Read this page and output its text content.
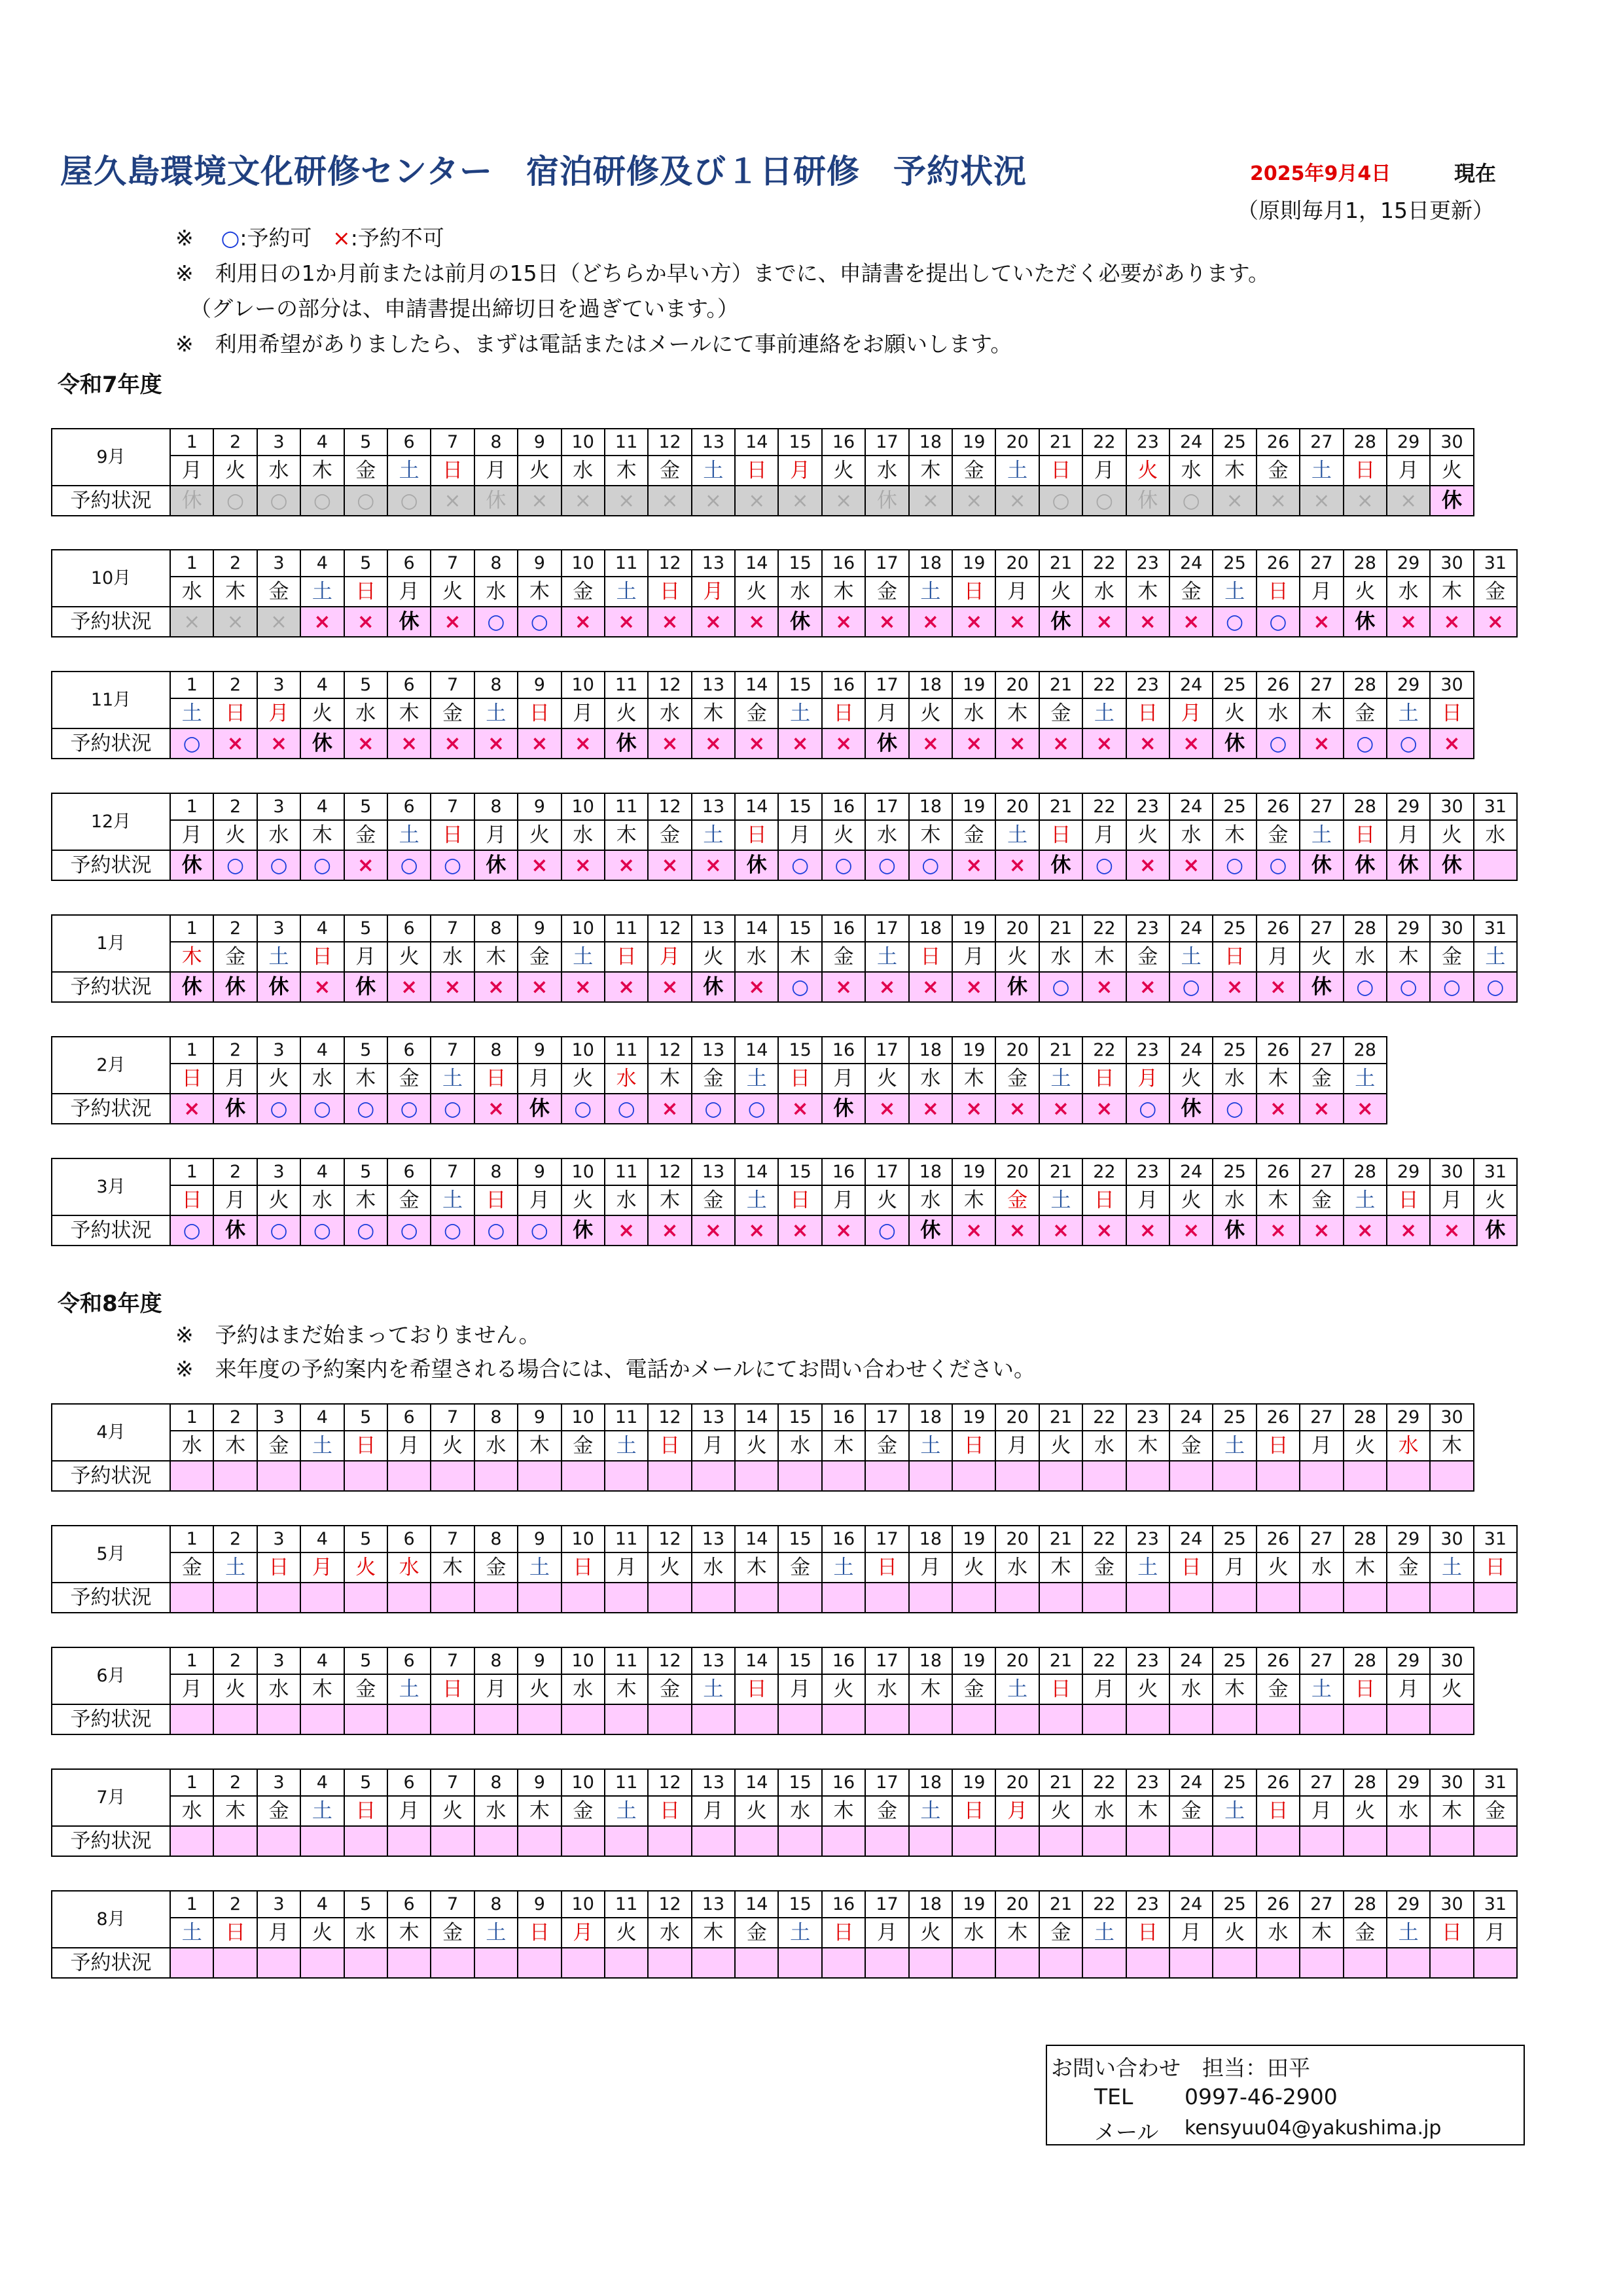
屋久島環境文化研修センター　宿泊研修及び１日研修　予約状況	2025年9月4日	現在
（原則毎月1，15日更新）
※ ○:予約可 ×:予約不可
※　利用日の1か月前または前月の15日（どちらか早い方）までに、申請書を提出していただく必要があります。
（グレーの部分は、申請書提出締切日を過ぎています。）
※　利用希望がありましたら、まずは電話またはメールにて事前連絡をお願いします。
令和7年度
令和8年度
※　予約はまだ始まっておりません。
※　来年度の予約案内を希望される場合には、電話かメールにてお問い合わせください。
9月	1	2	3	4	5	6	7	8	9	10	11	12	13	14	15	16	17	18	19	20	21	22	23	24	25	26	27	28	29	30
	月	火	水	木	金	土	日	月	火	水	木	金	土	日	月	火	水	木	金	土	日	月	火	水	木	金	土	日	月	火
予約状況	休	○	○	○	○	○	×	休	×	×	×	×	×	×	×	×	休	×	×	×	○	○	休	○	×	×	×	×	×	休
10月	1	2	3	4	5	6	7	8	9	10	11	12	13	14	15	16	17	18	19	20	21	22	23	24	25	26	27	28	29	30	31
	水	木	金	土	日	月	火	水	木	金	土	日	月	火	水	木	金	土	日	月	火	水	木	金	土	日	月	火	水	木	金
予約状況	×	×	×	×	×	休	×	○	○	×	×	×	×	×	休	×	×	×	×	×	休	×	×	×	○	○	×	休	×	×	×
11月	1	2	3	4	5	6	7	8	9	10	11	12	13	14	15	16	17	18	19	20	21	22	23	24	25	26	27	28	29	30
	土	日	月	火	水	木	金	土	日	月	火	水	木	金	土	日	月	火	水	木	金	土	日	月	火	水	木	金	土	日
予約状況	○	×	×	休	×	×	×	×	×	×	休	×	×	×	×	×	休	×	×	×	×	×	×	×	休	○	×	○	○	×
12月	1	2	3	4	5	6	7	8	9	10	11	12	13	14	15	16	17	18	19	20	21	22	23	24	25	26	27	28	29	30	31
	月	火	水	木	金	土	日	月	火	水	木	金	土	日	月	火	水	木	金	土	日	月	火	水	木	金	土	日	月	火	水
予約状況	休	○	○	○	×	○	○	休	×	×	×	×	×	休	○	○	○	○	×	×	休	○	×	×	○	○	休	休	休	休	
1月	1	2	3	4	5	6	7	8	9	10	11	12	13	14	15	16	17	18	19	20	21	22	23	24	25	26	27	28	29	30	31
	木	金	土	日	月	火	水	木	金	土	日	月	火	水	木	金	土	日	月	火	水	木	金	土	日	月	火	水	木	金	土
予約状況	休	休	休	×	休	×	×	×	×	×	×	×	休	×	○	×	×	×	×	休	○	×	×	○	×	×	休	○	○	○	○
2月	1	2	3	4	5	6	7	8	9	10	11	12	13	14	15	16	17	18	19	20	21	22	23	24	25	26	27	28
	日	月	火	水	木	金	土	日	月	火	水	木	金	土	日	月	火	水	木	金	土	日	月	火	水	木	金	土
予約状況	×	休	○	○	○	○	○	×	休	○	○	×	○	○	×	休	×	×	×	×	×	×	○	休	○	×	×	×
3月	1	2	3	4	5	6	7	8	9	10	11	12	13	14	15	16	17	18	19	20	21	22	23	24	25	26	27	28	29	30	31
	日	月	火	水	木	金	土	日	月	火	水	木	金	土	日	月	火	水	木	金	土	日	月	火	水	木	金	土	日	月	火
予約状況	○	休	○	○	○	○	○	○	○	休	×	×	×	×	×	×	○	休	×	×	×	×	×	×	休	×	×	×	×	×	休
4月	1	2	3	4	5	6	7	8	9	10	11	12	13	14	15	16	17	18	19	20	21	22	23	24	25	26	27	28	29	30
	水	木	金	土	日	月	火	水	木	金	土	日	月	火	水	木	金	土	日	月	火	水	木	金	土	日	月	火	水	木
予約状況																														
5月	1	2	3	4	5	6	7	8	9	10	11	12	13	14	15	16	17	18	19	20	21	22	23	24	25	26	27	28	29	30	31
	金	土	日	月	火	水	木	金	土	日	月	火	水	木	金	土	日	月	火	水	木	金	土	日	月	火	水	木	金	土	日
予約状況																															
6月	1	2	3	4	5	6	7	8	9	10	11	12	13	14	15	16	17	18	19	20	21	22	23	24	25	26	27	28	29	30
	月	火	水	木	金	土	日	月	火	水	木	金	土	日	月	火	水	木	金	土	日	月	火	水	木	金	土	日	月	火
予約状況																														
7月	1	2	3	4	5	6	7	8	9	10	11	12	13	14	15	16	17	18	19	20	21	22	23	24	25	26	27	28	29	30	31
	水	木	金	土	日	月	火	水	木	金	土	日	月	火	水	木	金	土	日	月	火	水	木	金	土	日	月	火	水	木	金
予約状況																															
8月	1	2	3	4	5	6	7	8	9	10	11	12	13	14	15	16	17	18	19	20	21	22	23	24	25	26	27	28	29	30	31
	土	日	月	火	水	木	金	土	日	月	火	水	木	金	土	日	月	火	水	木	金	土	日	月	火	水	木	金	土	日	月
予約状況																															
お問い合わせ　担当：田平
TEL 0997-46-2900
メール kensyuu04@yakushima.jp
